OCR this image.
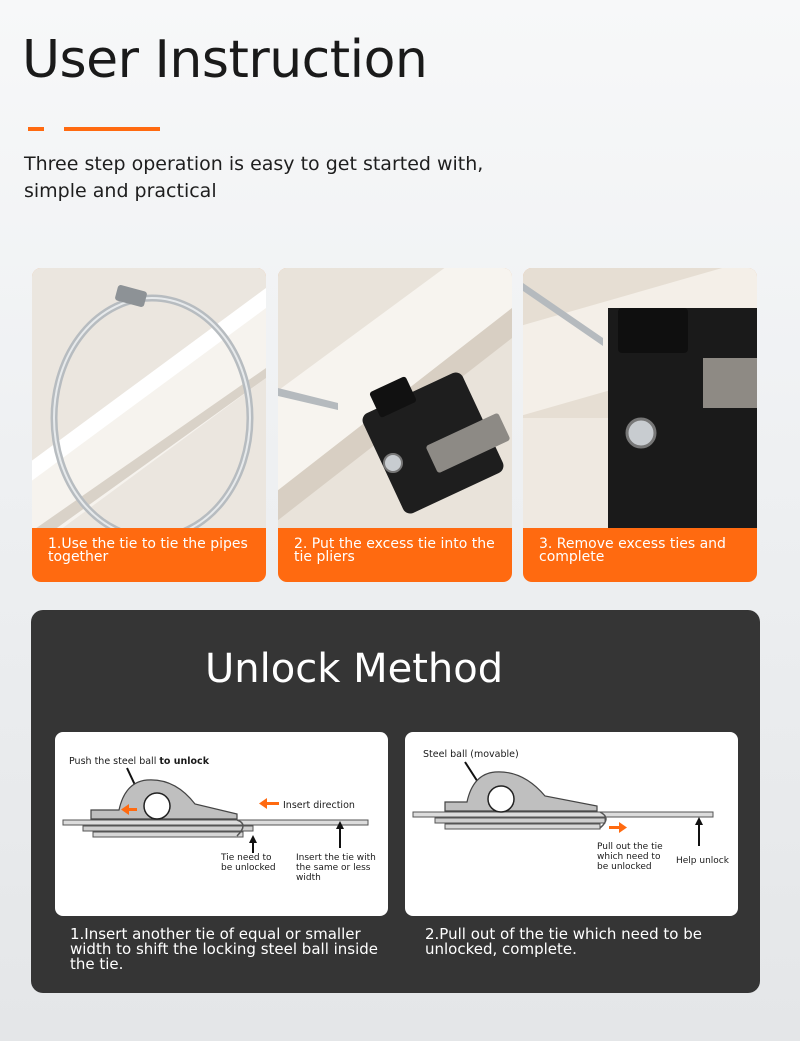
User Instruction
Three step operation is easy to get started with, simple and practical
1.Use the tie to tie the pipes together
2. Put the excess tie into the tie pliers
3. Remove excess ties and complete
Unlock Method
Push the steel ball to unlock
Insert direction
Tie need to
be unlocked
Insert the tie with
the same or less
width
Steel ball (movable)
Pull out the tie
which need to
be unlocked
Help unlock
1.Insert another tie of equal or smaller width to shift the locking steel ball inside the tie.
2.Pull out of the tie which need to be unlocked, complete.
